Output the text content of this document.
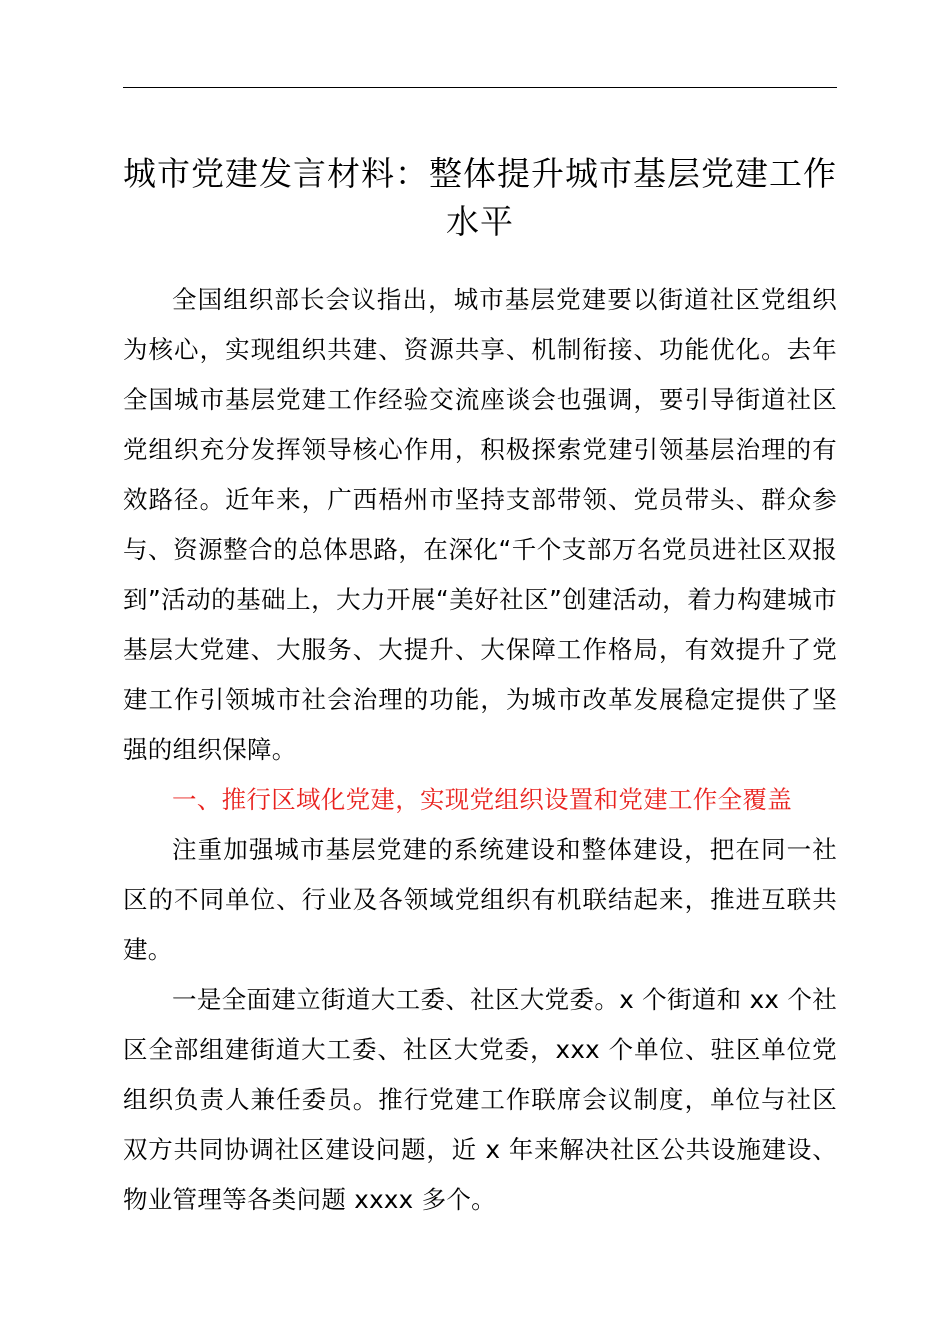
城市党建发言材料：整体提升城市基层党建工作水平

全国组织部长会议指出，城市基层党建要以街道社区党组织为核心，实现组织共建、资源共享、机制衔接、功能优化。去年全国城市基层党建工作经验交流座谈会也强调，要引导街道社区党组织充分发挥领导核心作用，积极探索党建引领基层治理的有效路径。近年来，广西梧州市坚持支部带领、党员带头、群众参与、资源整合的总体思路，在深化“千个支部万名党员进社区双报到”活动的基础上，大力开展“美好社区”创建活动，着力构建城市基层大党建、大服务、大提升、大保障工作格局，有效提升了党建工作引领城市社会治理的功能，为城市改革发展稳定提供了坚强的组织保障。

一、推行区域化党建，实现党组织设置和党建工作全覆盖

注重加强城市基层党建的系统建设和整体建设，把在同一社区的不同单位、行业及各领域党组织有机联结起来，推进互联共建。

一是全面建立街道大工委、社区大党委。x 个街道和 xx 个社区全部组建街道大工委、社区大党委，xxx 个单位、驻区单位党组织负责人兼任委员。推行党建工作联席会议制度，单位与社区双方共同协调社区建设问题，近 x 年来解决社区公共设施建设、物业管理等各类问题 xxxx 多个。
